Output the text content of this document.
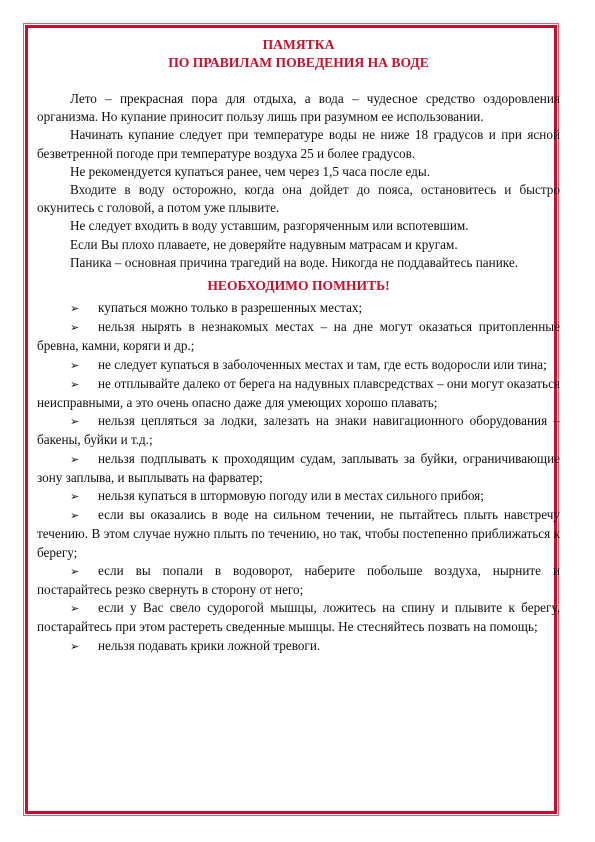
ПАМЯТКА

ПО ПРАВИЛАМ ПОВЕДЕНИЯ НА ВОДЕ

Лето – прекрасная пора для отдыха, а вода – чудесное средство оздоровления организма. Но купание приносит пользу лишь при разумном ее использовании.

Начинать купание следует при температуре воды не ниже 18 градусов и при ясной безветренной погоде при температуре воздуха 25 и более градусов.

Не рекомендуется купаться ранее, чем через 1,5 часа после еды.

Входите в воду осторожно, когда она дойдет до пояса, остановитесь и быстро окунитесь с головой, а потом уже плывите.

Не следует входить в воду уставшим, разгоряченным или вспотевшим.

Если Вы плохо плаваете, не доверяйте надувным матрасам и кругам.

Паника – основная причина трагедий на воде. Никогда не поддавайтесь панике.

НЕОБХОДИМО ПОМНИТЬ!

➢ купаться можно только в разрешенных местах;

➢ нельзя нырять в незнакомых местах – на дне могут оказаться притопленные бревна, камни, коряги и др.;

➢ не следует купаться в заболоченных местах и там, где есть водоросли или тина;

➢ не отплывайте далеко от берега на надувных плавсредствах – они могут оказаться неисправными, а это очень опасно даже для умеющих хорошо плавать;

➢ нельзя цепляться за лодки, залезать на знаки навигационного оборудования – бакены, буйки и т.д.;

➢ нельзя подплывать к проходящим судам, заплывать за буйки, ограничивающие зону заплыва, и выплывать на фарватер;

➢ нельзя купаться в штормовую погоду или в местах сильного прибоя;

➢ если вы оказались в воде на сильном течении, не пытайтесь плыть навстречу течению. В этом случае нужно плыть по течению, но так, чтобы постепенно приближаться к берегу;

➢ если вы попали в водоворот, наберите побольше воздуха, нырните и постарайтесь резко свернуть в сторону от него;

➢ если у Вас свело судорогой мышцы, ложитесь на спину и плывите к берегу, постарайтесь при этом растереть сведенные мышцы. Не стесняйтесь позвать на помощь;

➢ нельзя подавать крики ложной тревоги.
